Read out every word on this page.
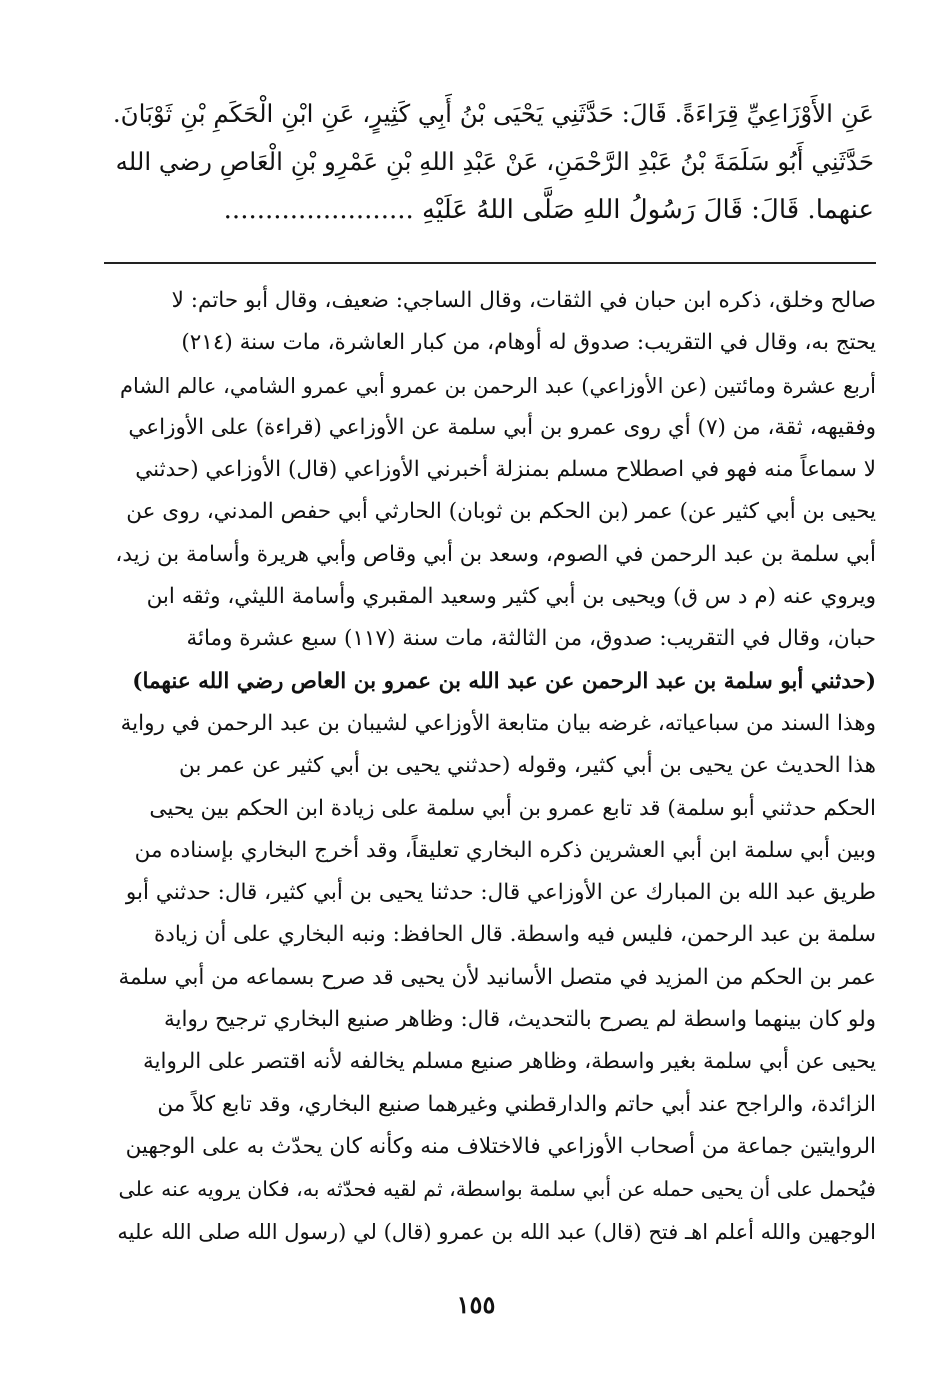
عَنِ الأَوْزَاعِيِّ قِرَاءَةً. قَالَ: حَدَّثَنِي يَحْيَى بْنُ أَبِي كَثِيرٍ، عَنِ ابْنِ الْحَكَمِ بْنِ ثَوْبَانَ.
حَدَّثَنِي أَبُو سَلَمَةَ بْنُ عَبْدِ الرَّحْمَنِ، عَنْ عَبْدِ اللهِ بْنِ عَمْرِو بْنِ الْعَاصِ رضي الله
عنهما. قَالَ: قَالَ رَسُولُ اللهِ صَلَّى اللهُ عَلَيْهِ .......................
صالح وخلق، ذكره ابن حبان في الثقات، وقال الساجي: ضعيف، وقال أبو حاتم: لا
يحتج به، وقال في التقريب: صدوق له أوهام، من كبار العاشرة، مات سنة (٢١٤)
أربع عشرة ومائتين (عن الأوزاعي) عبد الرحمن بن عمرو أبي عمرو الشامي، عالم الشام
وفقيهه، ثقة، من (٧) أي روى عمرو بن أبي سلمة عن الأوزاعي (قراءة) على الأوزاعي
لا سماعاً منه فهو في اصطلاح مسلم بمنزلة أخبرني الأوزاعي (قال) الأوزاعي (حدثني
يحيى بن أبي كثير عن) عمر (بن الحكم بن ثوبان) الحارثي أبي حفص المدني، روى عن
أبي سلمة بن عبد الرحمن في الصوم، وسعد بن أبي وقاص وأبي هريرة وأسامة بن زيد،
ويروي عنه (م د س ق) ويحيى بن أبي كثير وسعيد المقبري وأسامة الليثي، وثقه ابن
حبان، وقال في التقريب: صدوق، من الثالثة، مات سنة (١١٧) سبع عشرة ومائة
(حدثني أبو سلمة بن عبد الرحمن عن عبد الله بن عمرو بن العاص رضي الله عنهما)
وهذا السند من سباعياته، غرضه بيان متابعة الأوزاعي لشيبان بن عبد الرحمن في رواية
هذا الحديث عن يحيى بن أبي كثير، وقوله (حدثني يحيى بن أبي كثير عن عمر بن
الحكم حدثني أبو سلمة) قد تابع عمرو بن أبي سلمة على زيادة ابن الحكم بين يحيى
وبين أبي سلمة ابن أبي العشرين ذكره البخاري تعليقاً، وقد أخرج البخاري بإسناده من
طريق عبد الله بن المبارك عن الأوزاعي قال: حدثنا يحيى بن أبي كثير، قال: حدثني أبو
سلمة بن عبد الرحمن، فليس فيه واسطة. قال الحافظ: ونبه البخاري على أن زيادة
عمر بن الحكم من المزيد في متصل الأسانيد لأن يحيى قد صرح بسماعه من أبي سلمة
ولو كان بينهما واسطة لم يصرح بالتحديث، قال: وظاهر صنيع البخاري ترجيح رواية
يحيى عن أبي سلمة بغير واسطة، وظاهر صنيع مسلم يخالفه لأنه اقتصر على الرواية
الزائدة، والراجح عند أبي حاتم والدارقطني وغيرهما صنيع البخاري، وقد تابع كلاً من
الروايتين جماعة من أصحاب الأوزاعي فالاختلاف منه وكأنه كان يحدّث به على الوجهين
فيُحمل على أن يحيى حمله عن أبي سلمة بواسطة، ثم لقيه فحدّثه به، فكان يرويه عنه على
الوجهين والله أعلم اهـ فتح (قال) عبد الله بن عمرو (قال) لي (رسول الله صلى الله عليه
١٥٥
